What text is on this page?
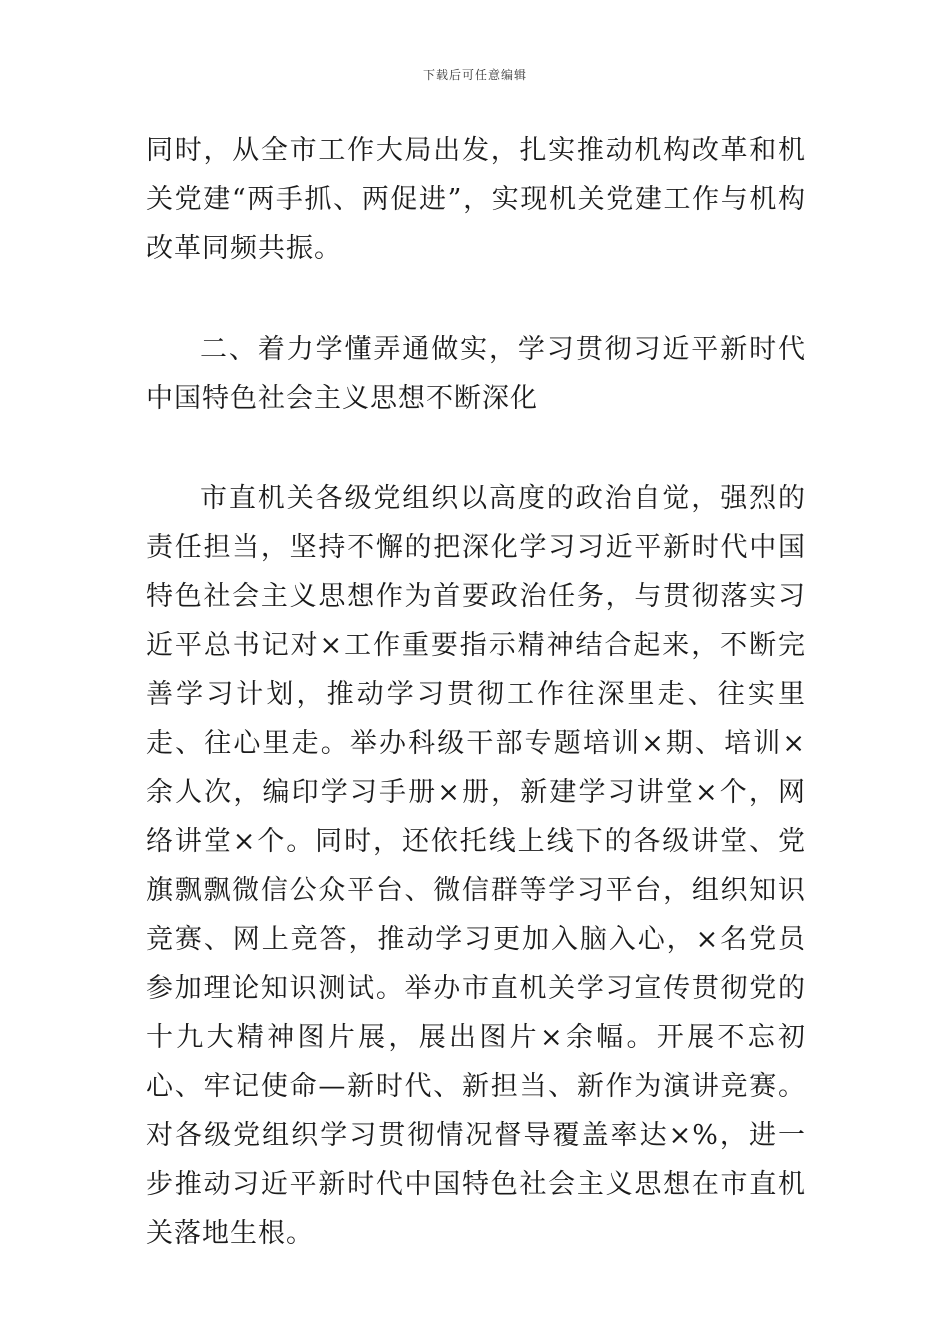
下载后可任意编辑

同时，从全市工作大局出发，扎实推动机构改革和机关党建“两手抓、两促进”，实现机关党建工作与机构改革同频共振。

二、着力学懂弄通做实，学习贯彻习近平新时代中国特色社会主义思想不断深化

市直机关各级党组织以高度的政治自觉，强烈的责任担当，坚持不懈的把深化学习习近平新时代中国特色社会主义思想作为首要政治任务，与贯彻落实习近平总书记对×工作重要指示精神结合起来，不断完善学习计划，推动学习贯彻工作往深里走、往实里走、往心里走。举办科级干部专题培训×期、培训×余人次，编印学习手册×册，新建学习讲堂×个，网络讲堂×个。同时，还依托线上线下的各级讲堂、党旗飘飘微信公众平台、微信群等学习平台，组织知识竞赛、网上竞答，推动学习更加入脑入心，×名党员参加理论知识测试。举办市直机关学习宣传贯彻党的十九大精神图片展，展出图片×余幅。开展不忘初心、牢记使命—新时代、新担当、新作为演讲竞赛。对各级党组织学习贯彻情况督导覆盖率达×%，进一步推动习近平新时代中国特色社会主义思想在市直机关落地生根。
